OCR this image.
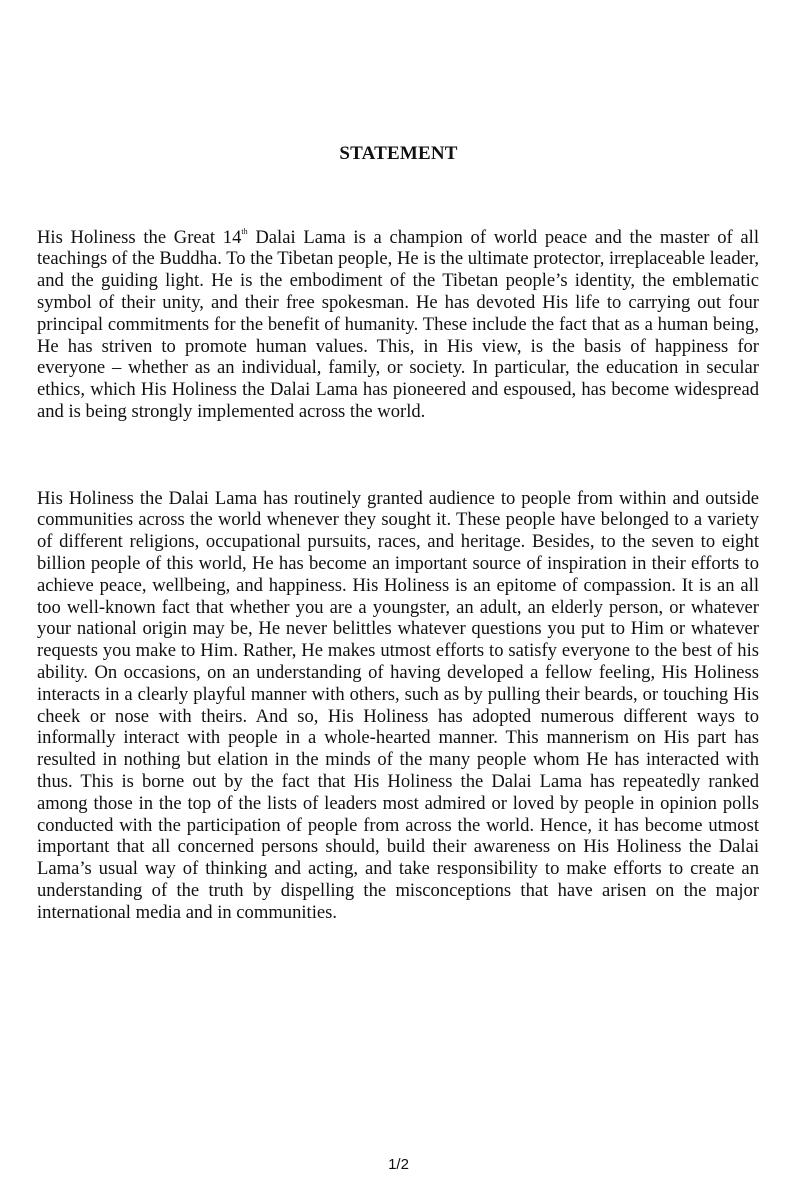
STATEMENT

His Holiness the Great 14th Dalai Lama is a champion of world peace and the master of all teachings of the Buddha. To the Tibetan people, He is the ultimate protector, irreplaceable leader, and the guiding light. He is the embodiment of the Tibetan people’s identity, the emblematic symbol of their unity, and their free spokesman. He has devoted His life to carrying out four principal commitments for the benefit of humanity. These include the fact that as a human being, He has striven to promote human values. This, in His view, is the basis of happiness for everyone – whether as an individual, family, or society. In particular, the education in secular ethics, which His Holiness the Dalai Lama has pioneered and espoused, has become widespread and is being strongly implemented across the world.

His Holiness the Dalai Lama has routinely granted audience to people from within and outside communities across the world whenever they sought it. These people have belonged to a variety of different religions, occupational pursuits, races, and heritage. Besides, to the seven to eight billion people of this world, He has become an important source of inspiration in their efforts to achieve peace, wellbeing, and happiness. His Holiness is an epitome of compassion. It is an all too well-known fact that whether you are a youngster, an adult, an elderly person, or whatever your national origin may be, He never belittles whatever questions you put to Him or whatever requests you make to Him. Rather, He makes utmost efforts to satisfy everyone to the best of his ability. On occasions, on an understanding of having developed a fellow feeling, His Holiness interacts in a clearly playful manner with others, such as by pulling their beards, or touching His cheek or nose with theirs. And so, His Holiness has adopted numerous different ways to informally interact with people in a whole-hearted manner. This mannerism on His part has resulted in nothing but elation in the minds of the many people whom He has interacted with thus. This is borne out by the fact that His Holiness the Dalai Lama has repeatedly ranked among those in the top of the lists of leaders most admired or loved by people in opinion polls conducted with the participation of people from across the world. Hence, it has become utmost important that all concerned persons should, build their awareness on His Holiness the Dalai Lama’s usual way of thinking and acting, and take responsibility to make efforts to create an understanding of the truth by dispelling the misconceptions that have arisen on the major international media and in communities.

1/2
